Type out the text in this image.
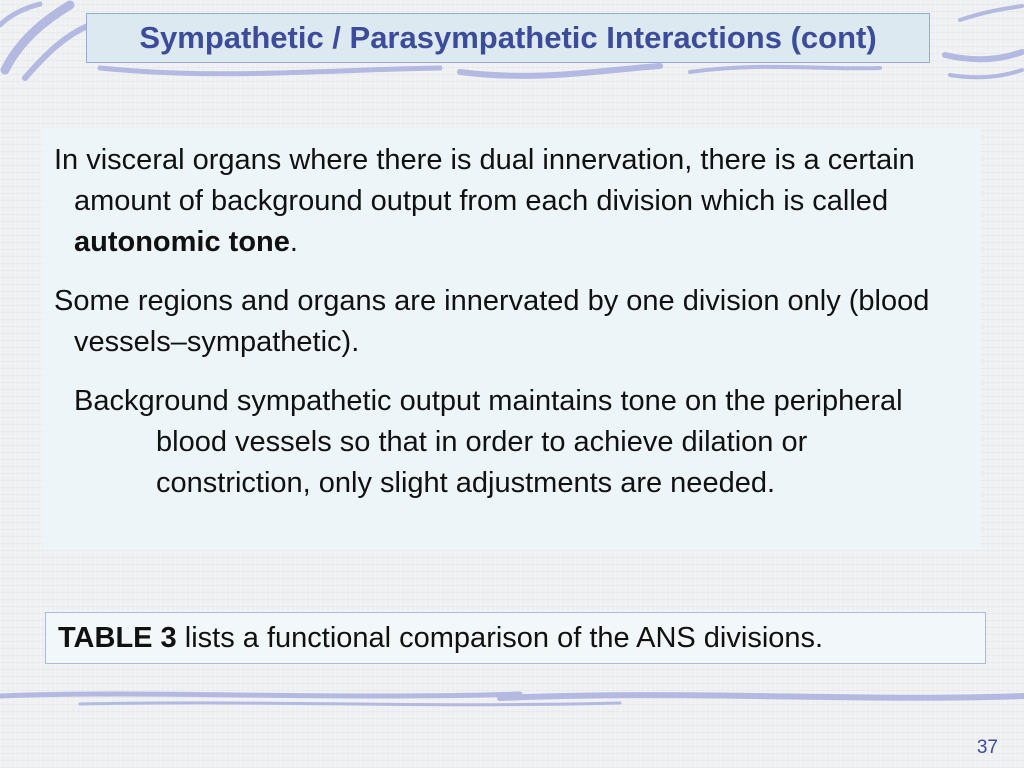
Sympathetic / Parasympathetic Interactions (cont)

In visceral organs where there is dual innervation, there is a certain amount of background output from each division which is called autonomic tone.

Some regions and organs are innervated by one division only (blood vessels–sympathetic).

Background sympathetic output maintains tone on the peripheral blood vessels so that in order to achieve dilation or constriction, only slight adjustments are needed.

TABLE 3 lists a functional comparison of the ANS divisions.
37
